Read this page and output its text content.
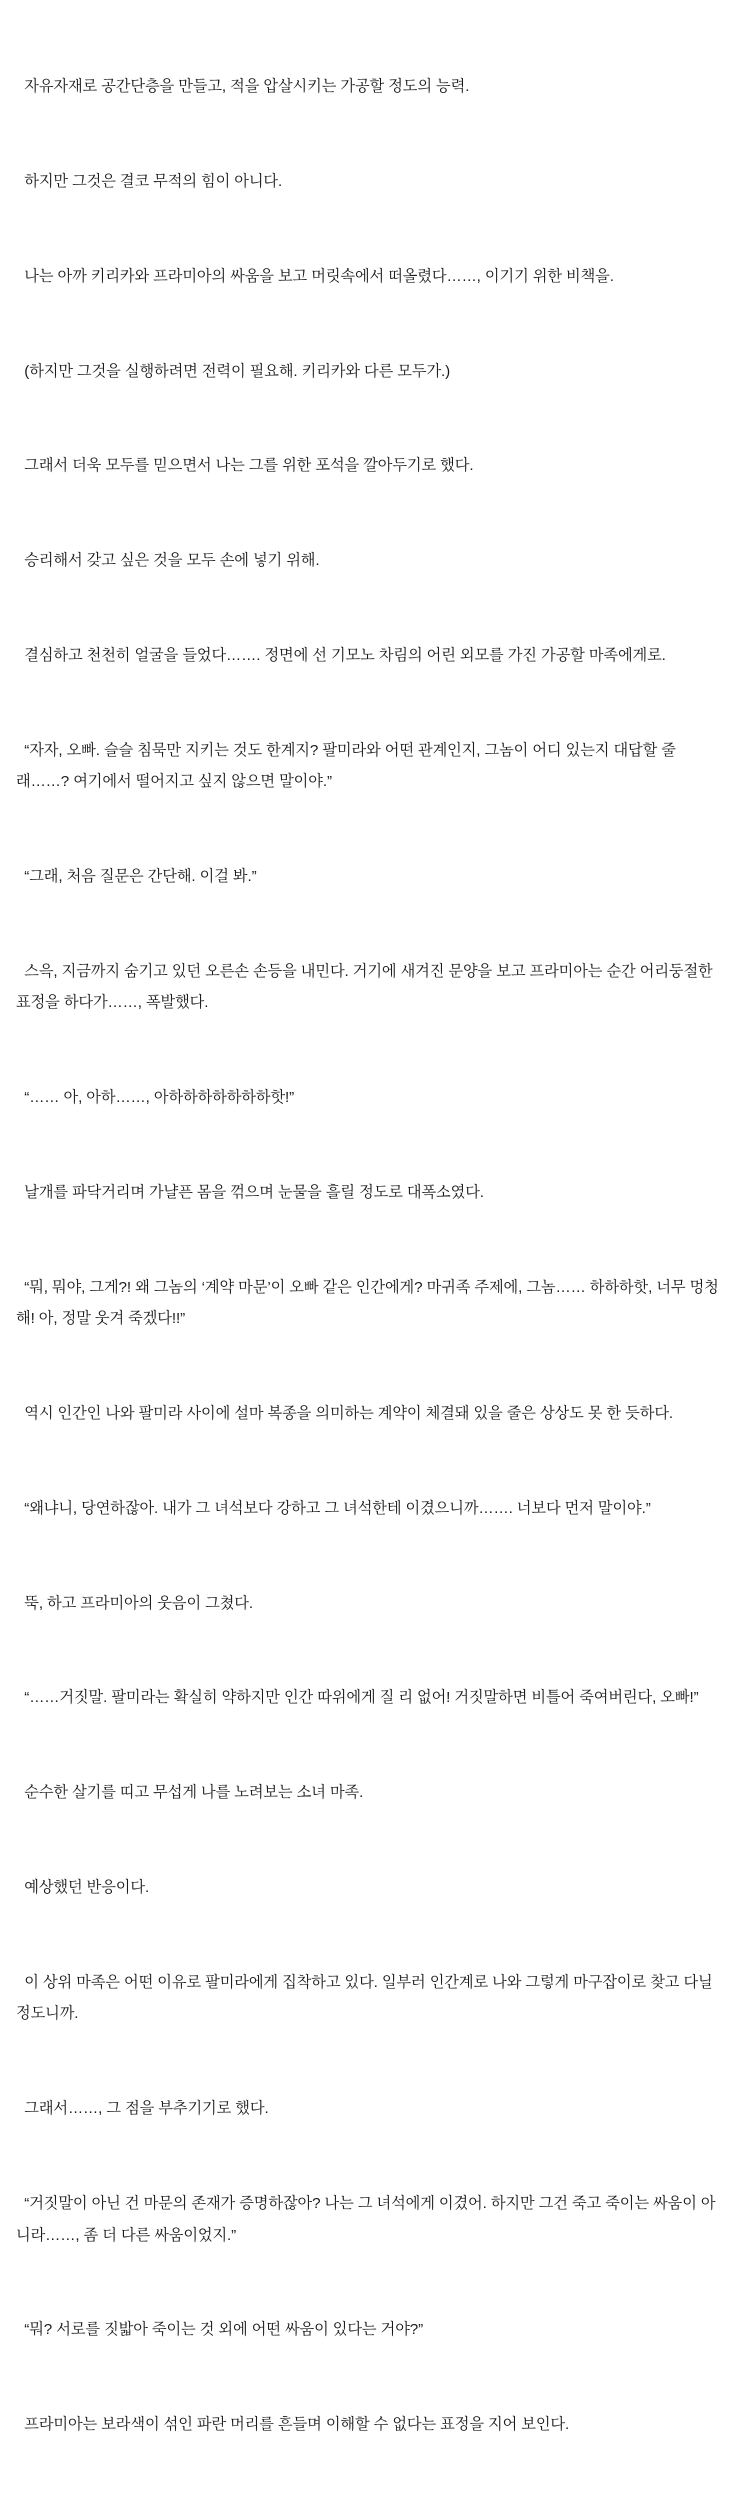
자유자재로 공간단층을 만들고, 적을 압살시키는 가공할 정도의 능력.

하지만 그것은 결코 무적의 힘이 아니다.

나는 아까 키리카와 프라미아의 싸움을 보고 머릿속에서 떠올렸다……, 이기기 위한 비책을.

(하지만 그것을 실행하려면 전력이 필요해. 키리카와 다른 모두가.)

그래서 더욱 모두를 믿으면서 나는 그를 위한 포석을 깔아두기로 했다.

승리해서 갖고 싶은 것을 모두 손에 넣기 위해.

결심하고 천천히 얼굴을 들었다……. 정면에 선 기모노 차림의 어린 외모를 가진 가공할 마족에게로.

“자자, 오빠. 슬슬 침묵만 지키는 것도 한계지? 팔미라와 어떤 관계인지, 그놈이 어디 있는지 대답할 줄래……? 여기에서 떨어지고 싶지 않으면 말이야.”

“그래, 처음 질문은 간단해. 이걸 봐.”

스윽, 지금까지 숨기고 있던 오른손 손등을 내민다. 거기에 새겨진 문양을 보고 프라미아는 순간 어리둥절한 표정을 하다가……, 폭발했다.

“…… 아, 아하……, 아하하하하하하하핫!”

날개를 파닥거리며 가냘픈 몸을 꺾으며 눈물을 흘릴 정도로 대폭소였다.

“뭐, 뭐야, 그게?! 왜 그놈의 ‘계약 마문’이 오빠 같은 인간에게? 마귀족 주제에, 그놈…… 하하하핫, 너무 멍청해! 아, 정말 웃겨 죽겠다!!”

역시 인간인 나와 팔미라 사이에 설마 복종을 의미하는 계약이 체결돼 있을 줄은 상상도 못 한 듯하다.

“왜냐니, 당연하잖아. 내가 그 녀석보다 강하고 그 녀석한테 이겼으니까……. 너보다 먼저 말이야.”

뚝, 하고 프라미아의 웃음이 그쳤다.

“……거짓말. 팔미라는 확실히 약하지만 인간 따위에게 질 리 없어! 거짓말하면 비틀어 죽여버린다, 오빠!”

순수한 살기를 띠고 무섭게 나를 노려보는 소녀 마족.

예상했던 반응이다.

이 상위 마족은 어떤 이유로 팔미라에게 집착하고 있다. 일부러 인간계로 나와 그렇게 마구잡이로 찾고 다닐 정도니까.

그래서……, 그 점을 부추기기로 했다.

“거짓말이 아닌 건 마문의 존재가 증명하잖아? 나는 그 녀석에게 이겼어. 하지만 그건 죽고 죽이는 싸움이 아니라……, 좀 더 다른 싸움이었지.”

“뭐? 서로를 짓밟아 죽이는 것 외에 어떤 싸움이 있다는 거야?”

프라미아는 보라색이 섞인 파란 머리를 흔들며 이해할 수 없다는 표정을 지어 보인다.
